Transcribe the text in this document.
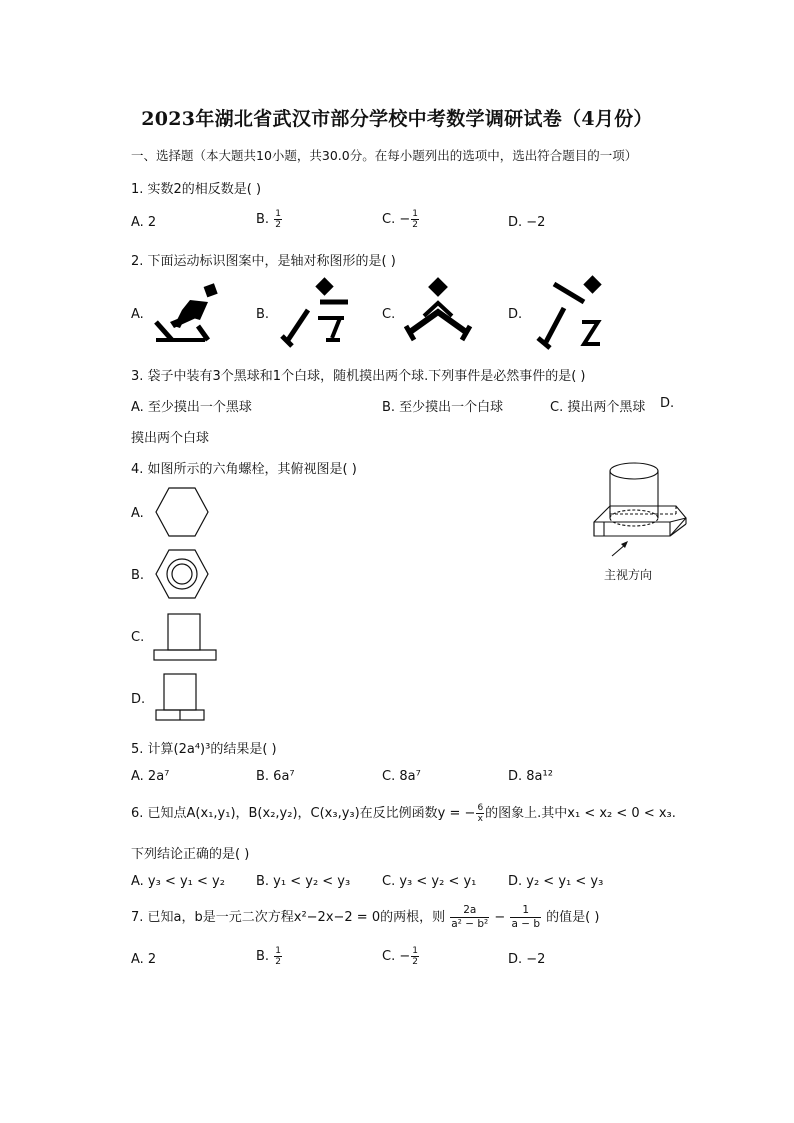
2023年湖北省武汉市部分学校中考数学调研试卷（4月份）
一、选择题（本大题共10小题，共30.0分。在每小题列出的选项中，选出符合题目的一项）
1. 实数2的相反数是( )
A. 2	B. $\frac{1}{2}$	C. − $\frac{1}{2}$	D. −2
2. 下面运动标识图案中，是轴对称图形的是( )
A.	B.	C.	D.
3. 袋子中装有3个黑球和1个白球，随机摸出两个球.下列事件是必然事件的是( )
A. 至少摸出一个黑球	B. 至少摸出一个白球	C. 摸出两个黑球 D.
摸出两个白球
4. 如图所示的六角螺栓，其俯视图是( )
A.
B.
C.
D.
主视方向
5. 计算(2a⁴)³的结果是( )
A. 2a⁷	B. 6a⁷	C. 8a⁷	D. 8a¹²
6. 已知点A(x₁,y₁)，B(x₂,y₂)，C(x₃,y₃)在反比例函数y = − $\frac{6}{x}$ 的图象上.其中x₁ < x₂ < 0 < x₃.
下列结论正确的是( )
A. y₃ < y₁ < y₂ B. y₁ < y₂ < y₃ C. y₃ < y₂ < y₁ D. y₂ < y₁ < y₃
7. 已知a，b是一元二次方程x²−2x−2 = 0的两根，则 $\frac{2a}{\text{a² − b²}} - \frac{1}{a - b}$ 的值是( )
A. 2	B. $\frac{1}{2}$	C. − $\frac{1}{2}$	D. −2
